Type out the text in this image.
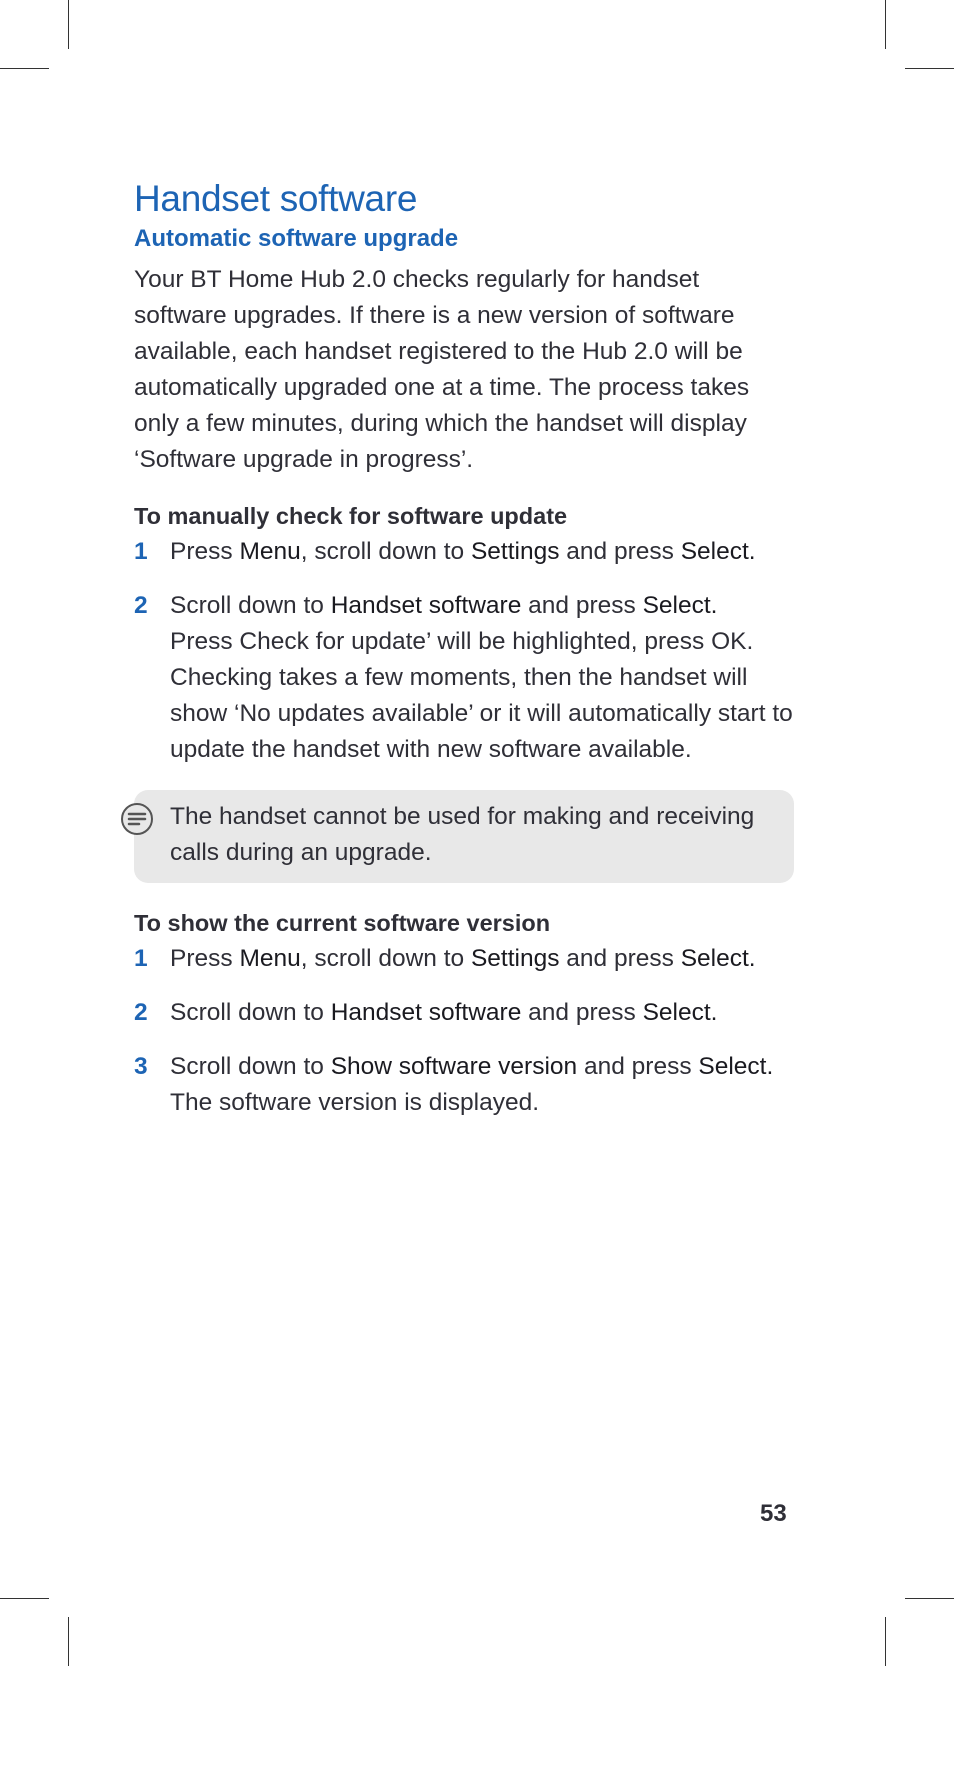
Handset software
Automatic software upgrade

Your BT Home Hub 2.0 checks regularly for handset software upgrades. If there is a new version of software available, each handset registered to the Hub 2.0 will be automatically upgraded one at a time. The process takes only a few minutes, during which the handset will display ‘Software upgrade in progress’.

To manually check for software update
1 Press Menu, scroll down to Settings and press Select.
2 Scroll down to Handset software and press Select.
Press Check for update’ will be highlighted, press OK. Checking takes a few moments, then the handset will show ‘No updates available’ or it will automatically start to update the handset with new software available.
The handset cannot be used for making and receiving calls during an upgrade.
To show the current software version
1 Press Menu, scroll down to Settings and press Select.
2 Scroll down to Handset software and press Select.
3 Scroll down to Show software version and press Select.
The software version is displayed.
53
